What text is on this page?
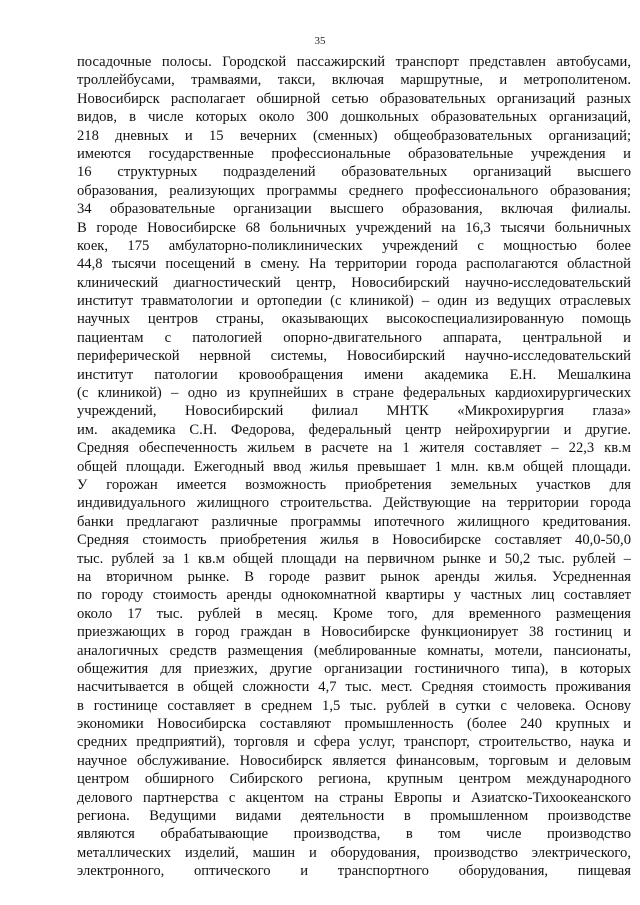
35
посадочные полосы. Городской пассажирский транспорт представлен автобусами,
троллейбусами, трамваями, такси, включая маршрутные, и метрополитеном.
Новосибирск располагает обширной сетью образовательных организаций разных
видов, в числе которых около 300 дошкольных образовательных организаций,
218 дневных и 15 вечерних (сменных) общеобразовательных организаций;
имеются государственные профессиональные образовательные учреждения и
16 структурных подразделений образовательных организаций высшего
образования, реализующих программы среднего профессионального образования;
34 образовательные организации высшего образования, включая филиалы.
В городе Новосибирске 68 больничных учреждений на 16,3 тысячи больничных
коек, 175 амбулаторно-поликлинических учреждений с мощностью более
44,8 тысячи посещений в смену. На территории города располагаются областной
клинический диагностический центр, Новосибирский научно-исследовательский
институт травматологии и ортопедии (с клиникой) – один из ведущих отраслевых
научных центров страны, оказывающих высокоспециализированную помощь
пациентам с патологией опорно-двигательного аппарата, центральной и
периферической нервной системы, Новосибирский научно-исследовательский
институт патологии кровообращения имени академика Е.Н. Мешалкина
(с клиникой) – одно из крупнейших в стране федеральных кардиохирургических
учреждений, Новосибирский филиал МНТК «Микрохирургия глаза»
им. академика С.Н. Федорова, федеральный центр нейрохирургии и другие.
Средняя обеспеченность жильем в расчете на 1 жителя составляет – 22,3 кв.м
общей площади. Ежегодный ввод жилья превышает 1 млн. кв.м общей площади.
У горожан имеется возможность приобретения земельных участков для
индивидуального жилищного строительства. Действующие на территории города
банки предлагают различные программы ипотечного жилищного кредитования.
Средняя стоимость приобретения жилья в Новосибирске составляет 40,0-50,0
тыс. рублей за 1 кв.м общей площади на первичном рынке и 50,2 тыс. рублей –
на вторичном рынке. В городе развит рынок аренды жилья. Усредненная
по городу стоимость аренды однокомнатной квартиры у частных лиц составляет
около 17 тыс. рублей в месяц. Кроме того, для временного размещения
приезжающих в город граждан в Новосибирске функционирует 38 гостиниц и
аналогичных средств размещения (меблированные комнаты, мотели, пансионаты,
общежития для приезжих, другие организации гостиничного типа), в которых
насчитывается в общей сложности 4,7 тыс. мест. Средняя стоимость проживания
в гостинице составляет в среднем 1,5 тыс. рублей в сутки с человека. Основу
экономики Новосибирска составляют промышленность (более 240 крупных и
средних предприятий), торговля и сфера услуг, транспорт, строительство, наука и
научное обслуживание. Новосибирск является финансовым, торговым и деловым
центром обширного Сибирского региона, крупным центром международного
делового партнерства с акцентом на страны Европы и Азиатско-Тихоокеанского
региона. Ведущими видами деятельности в промышленном производстве
являются обрабатывающие производства, в том числе производство
металлических изделий, машин и оборудования, производство электрического,
электронного, оптического и транспортного оборудования, пищевая
